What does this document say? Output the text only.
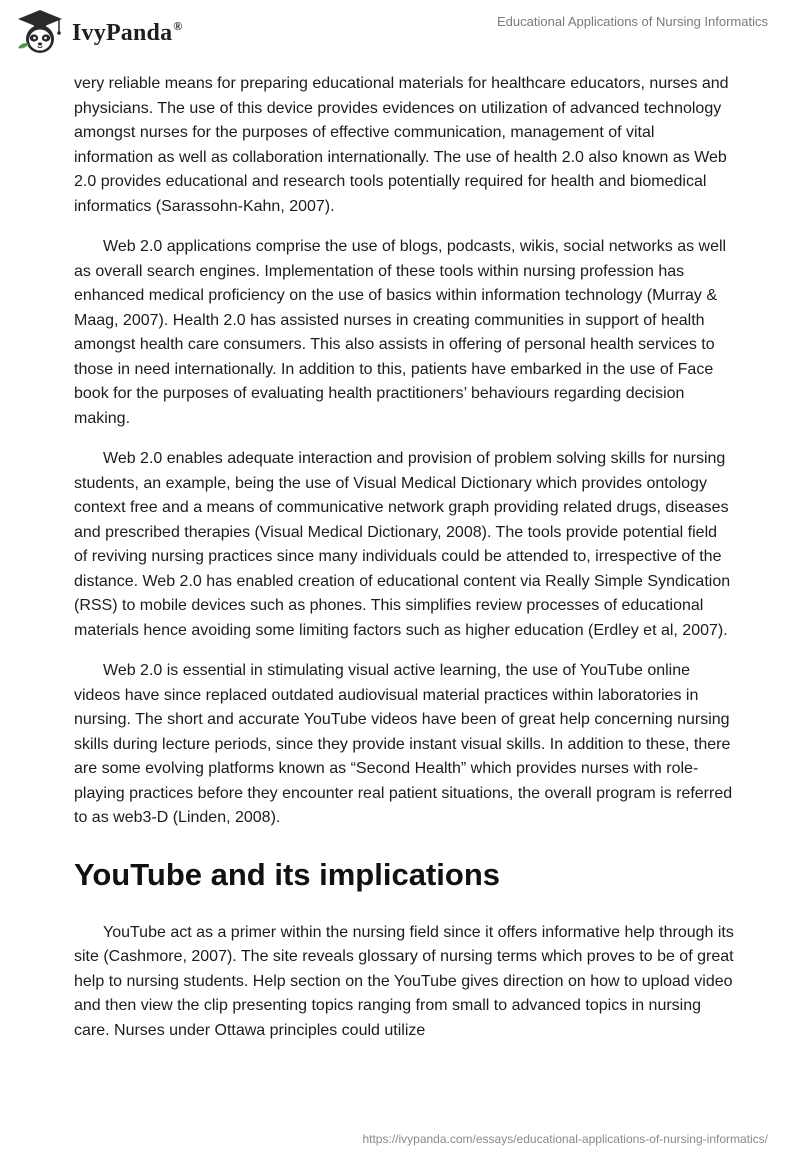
IvyPanda®	Educational Applications of Nursing Informatics

very reliable means for preparing educational materials for healthcare educators, nurses and physicians. The use of this device provides evidences on utilization of advanced technology amongst nurses for the purposes of effective communication, management of vital information as well as collaboration internationally. The use of health 2.0 also known as Web 2.0 provides educational and research tools potentially required for health and biomedical informatics (Sarassohn-Kahn, 2007).

Web 2.0 applications comprise the use of blogs, podcasts, wikis, social networks as well as overall search engines. Implementation of these tools within nursing profession has enhanced medical proficiency on the use of basics within information technology (Murray & Maag, 2007). Health 2.0 has assisted nurses in creating communities in support of health amongst health care consumers. This also assists in offering of personal health services to those in need internationally. In addition to this, patients have embarked in the use of Face book for the purposes of evaluating health practitioners’ behaviours regarding decision making.

Web 2.0 enables adequate interaction and provision of problem solving skills for nursing students, an example, being the use of Visual Medical Dictionary which provides ontology context free and a means of communicative network graph providing related drugs, diseases and prescribed therapies (Visual Medical Dictionary, 2008). The tools provide potential field of reviving nursing practices since many individuals could be attended to, irrespective of the distance. Web 2.0 has enabled creation of educational content via Really Simple Syndication (RSS) to mobile devices such as phones. This simplifies review processes of educational materials hence avoiding some limiting factors such as higher education (Erdley et al, 2007).

Web 2.0 is essential in stimulating visual active learning, the use of YouTube online videos have since replaced outdated audiovisual material practices within laboratories in nursing. The short and accurate YouTube videos have been of great help concerning nursing skills during lecture periods, since they provide instant visual skills. In addition to these, there are some evolving platforms known as “Second Health” which provides nurses with role-playing practices before they encounter real patient situations, the overall program is referred to as web3-D (Linden, 2008).

YouTube and its implications

YouTube act as a primer within the nursing field since it offers informative help through its site (Cashmore, 2007). The site reveals glossary of nursing terms which proves to be of great help to nursing students. Help section on the YouTube gives direction on how to upload video and then view the clip presenting topics ranging from small to advanced topics in nursing care. Nurses under Ottawa principles could utilize

https://ivypanda.com/essays/educational-applications-of-nursing-informatics/
